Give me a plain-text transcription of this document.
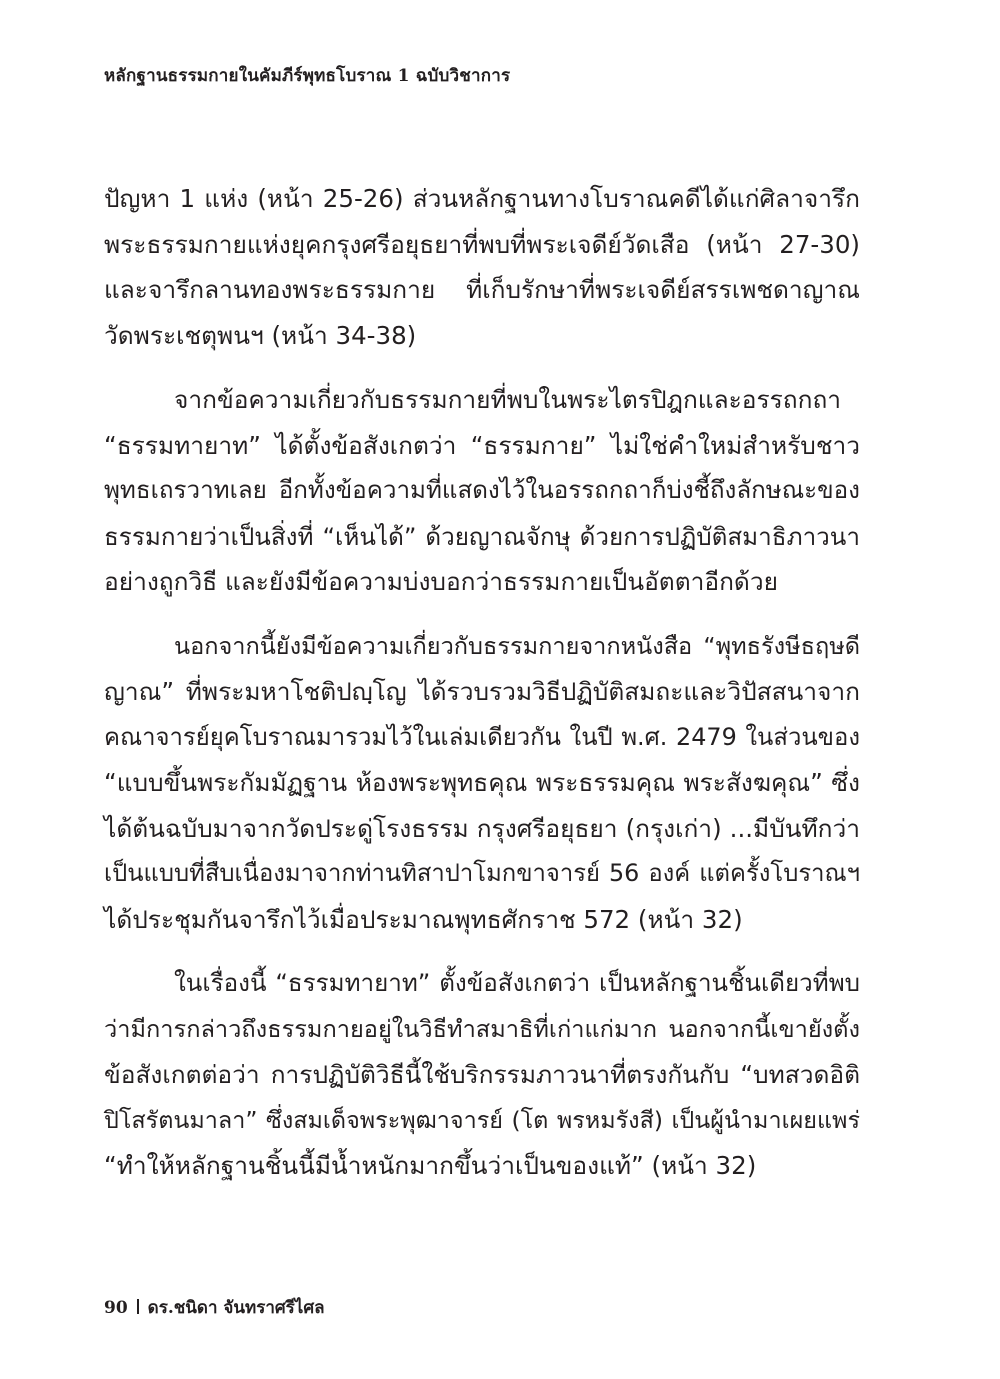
หลักฐานธรรมกายในคัมภีร์พุทธโบราณ 1 ฉบับวิชาการ
ปัญหา 1 แห่ง (หน้า 25-26) ส่วนหลักฐานทางโบราณคดีได้แก่ศิลาจารึก
พระธรรมกายแห่งยุคกรุงศรีอยุธยาที่พบที่พระเจดีย์วัดเสือ (หน้า 27-30)
และจารึกลานทองพระธรรมกาย ที่เก็บรักษาที่พระเจดีย์สรรเพชดาญาณ
วัดพระเชตุพนฯ (หน้า 34-38)
จากข้อความเกี่ยวกับธรรมกายที่พบในพระไตรปิฎกและอรรถกถา
“ธรรมทายาท” ได้ตั้งข้อสังเกตว่า “ธรรมกาย” ไม่ใช่คำใหม่สำหรับชาว
พุทธเถรวาทเลย อีกทั้งข้อความที่แสดงไว้ในอรรถกถาก็บ่งชี้ถึงลักษณะของ
ธรรมกายว่าเป็นสิ่งที่ “เห็นได้” ด้วยญาณจักษุ ด้วยการปฏิบัติสมาธิภาวนา
อย่างถูกวิธี และยังมีข้อความบ่งบอกว่าธรรมกายเป็นอัตตาอีกด้วย
นอกจากนี้ยังมีข้อความเกี่ยวกับธรรมกายจากหนังสือ “พุทธรังษีธฤษดี
ญาณ” ที่พระมหาโชติปญฺโญ ได้รวบรวมวิธีปฏิบัติสมถะและวิปัสสนาจาก
คณาจารย์ยุคโบราณมารวมไว้ในเล่มเดียวกัน ในปี พ.ศ. 2479 ในส่วนของ
“แบบขึ้นพระกัมมัฏฐาน ห้องพระพุทธคุณ พระธรรมคุณ พระสังฆคุณ” ซึ่ง
ได้ต้นฉบับมาจากวัดประดู่โรงธรรม กรุงศรีอยุธยา (กรุงเก่า) ...มีบันทึกว่า
เป็นแบบที่สืบเนื่องมาจากท่านทิสาปาโมกขาจารย์ 56 องค์ แต่ครั้งโบราณฯ
ได้ประชุมกันจารึกไว้เมื่อประมาณพุทธศักราช 572 (หน้า 32)
ในเรื่องนี้ “ธรรมทายาท” ตั้งข้อสังเกตว่า เป็นหลักฐานชิ้นเดียวที่พบ
ว่ามีการกล่าวถึงธรรมกายอยู่ในวิธีทำสมาธิที่เก่าแก่มาก นอกจากนี้เขายังตั้ง
ข้อสังเกตต่อว่า การปฏิบัติวิธีนี้ใช้บริกรรมภาวนาที่ตรงกันกับ “บทสวดอิติ
ปิโสรัตนมาลา” ซึ่งสมเด็จพระพุฒาจารย์ (โต พรหมรังสี) เป็นผู้นำมาเผยแพร่
“ทำให้หลักฐานชิ้นนี้มีน้ำหนักมากขึ้นว่าเป็นของแท้” (หน้า 32)
90 ดร.ชนิดา จันทราศรีไศล
